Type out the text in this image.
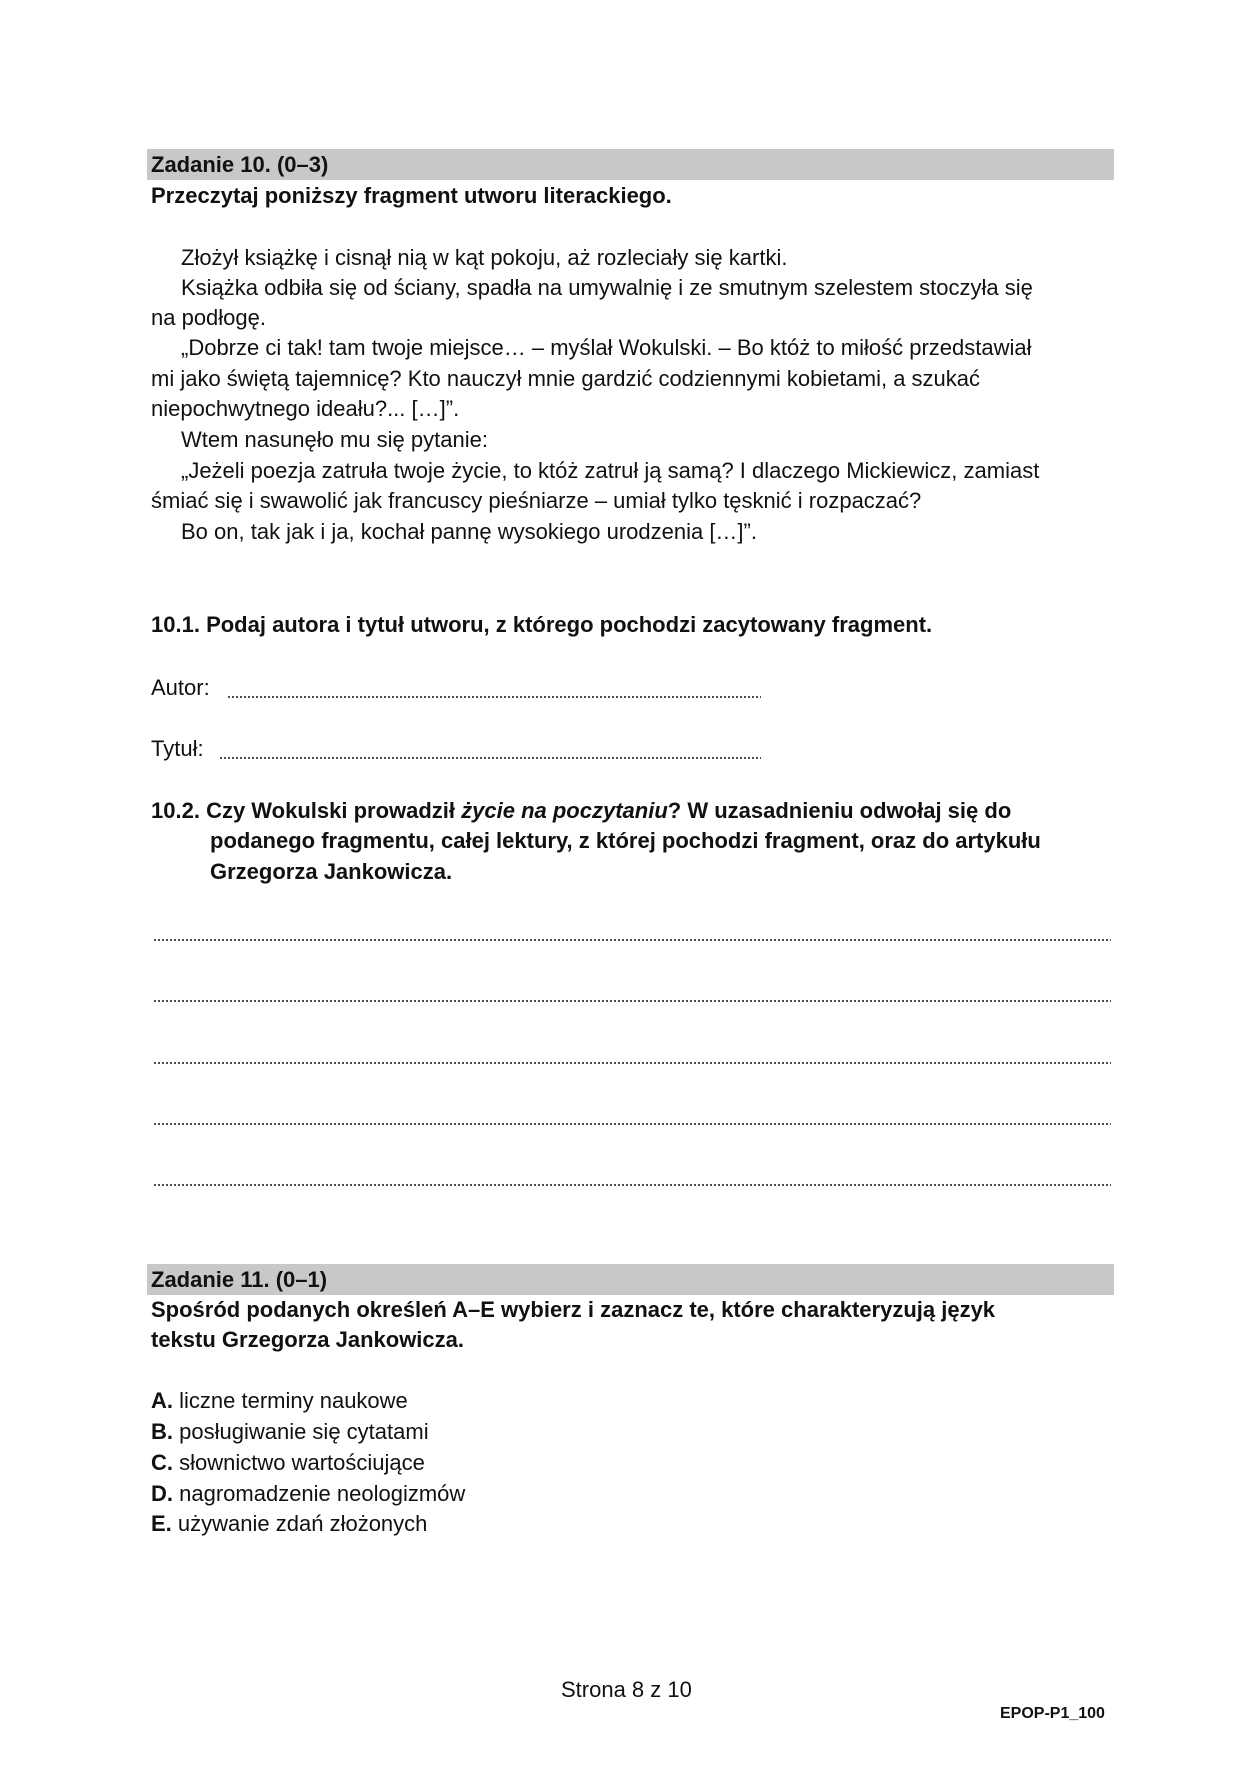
Zadanie 10. (0–3)
Przeczytaj poniższy fragment utworu literackiego.
Złożył książkę i cisnął nią w kąt pokoju, aż rozleciały się kartki.
Książka odbiła się od ściany, spadła na umywalnię i ze smutnym szelestem stoczyła się
na podłogę.
„Dobrze ci tak! tam twoje miejsce… – myślał Wokulski. – Bo któż to miłość przedstawiał
mi jako świętą tajemnicę? Kto nauczył mnie gardzić codziennymi kobietami, a szukać
niepochwytnego ideału?... […]”.
Wtem nasunęło mu się pytanie:
„Jeżeli poezja zatruła twoje życie, to któż zatruł ją samą? I dlaczego Mickiewicz, zamiast
śmiać się i swawolić jak francuscy pieśniarze – umiał tylko tęsknić i rozpaczać?
Bo on, tak jak i ja, kochał pannę wysokiego urodzenia […]”.
10.1. Podaj autora i tytuł utworu, z którego pochodzi zacytowany fragment.
Autor:
Tytuł:
10.2. Czy Wokulski prowadził życie na poczytaniu? W uzasadnieniu odwołaj się do
podanego fragmentu, całej lektury, z której pochodzi fragment, oraz do artykułu
Grzegorza Jankowicza.
Zadanie 11. (0–1)
Spośród podanych określeń A–E wybierz i zaznacz te, które charakteryzują język
tekstu Grzegorza Jankowicza.
A. liczne terminy naukowe
B. posługiwanie się cytatami
C. słownictwo wartościujące
D. nagromadzenie neologizmów
E. używanie zdań złożonych
Strona 8 z 10
EPOP-P1_100
